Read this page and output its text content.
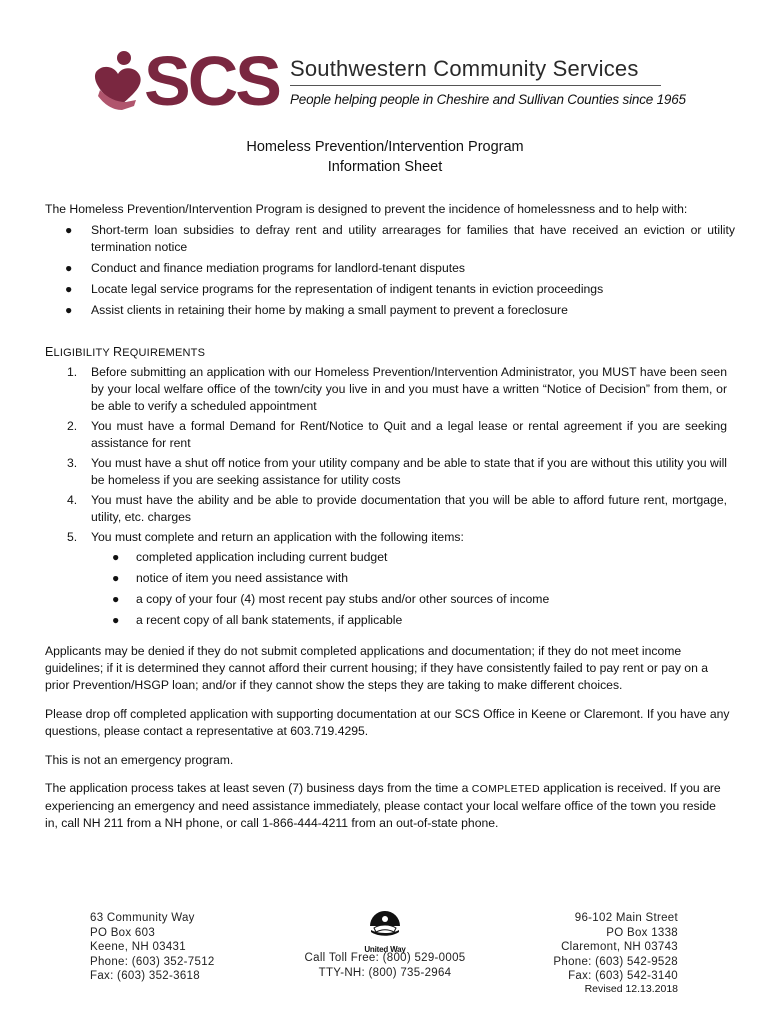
SCS Southwestern Community Services
People helping people in Cheshire and Sullivan Counties since 1965
Homeless Prevention/Intervention Program
Information Sheet
The Homeless Prevention/Intervention Program is designed to prevent the incidence of homelessness and to help with:
● Short-term loan subsidies to defray rent and utility arrearages for families that have received an eviction or utility termination notice
● Conduct and finance mediation programs for landlord-tenant disputes
● Locate legal service programs for the representation of indigent tenants in eviction proceedings
● Assist clients in retaining their home by making a small payment to prevent a foreclosure
ELIGIBILITY REQUIREMENTS
1. Before submitting an application with our Homeless Prevention/Intervention Administrator, you MUST have been seen by your local welfare office of the town/city you live in and you must have a written “Notice of Decision” from them, or be able to verify a scheduled appointment
2. You must have a formal Demand for Rent/Notice to Quit and a legal lease or rental agreement if you are seeking assistance for rent
3. You must have a shut off notice from your utility company and be able to state that if you are without this utility you will be homeless if you are seeking assistance for utility costs
4. You must have the ability and be able to provide documentation that you will be able to afford future rent, mortgage, utility, etc. charges
5. You must complete and return an application with the following items:
● completed application including current budget
● notice of item you need assistance with
● a copy of your four (4) most recent pay stubs and/or other sources of income
● a recent copy of all bank statements, if applicable
Applicants may be denied if they do not submit completed applications and documentation; if they do not meet income guidelines; if it is determined they cannot afford their current housing; if they have consistently failed to pay rent or pay on a prior Prevention/HSGP loan; and/or if they cannot show the steps they are taking to make different choices.
Please drop off completed application with supporting documentation at our SCS Office in Keene or Claremont. If you have any questions, please contact a representative at 603.719.4295.
This is not an emergency program.
The application process takes at least seven (7) business days from the time a COMPLETED application is received. If you are experiencing an emergency and need assistance immediately, please contact your local welfare office of the town you reside in, call NH 211 from a NH phone, or call 1-866-444-4211 from an out-of-state phone.
63 Community Way
PO Box 603
Keene, NH 03431
Phone: (603) 352-7512
Fax: (603) 352-3618
United Way
Call Toll Free: (800) 529-0005
TTY-NH: (800) 735-2964
96-102 Main Street
PO Box 1338
Claremont, NH 03743
Phone: (603) 542-9528
Fax: (603) 542-3140
Revised 12.13.2018
